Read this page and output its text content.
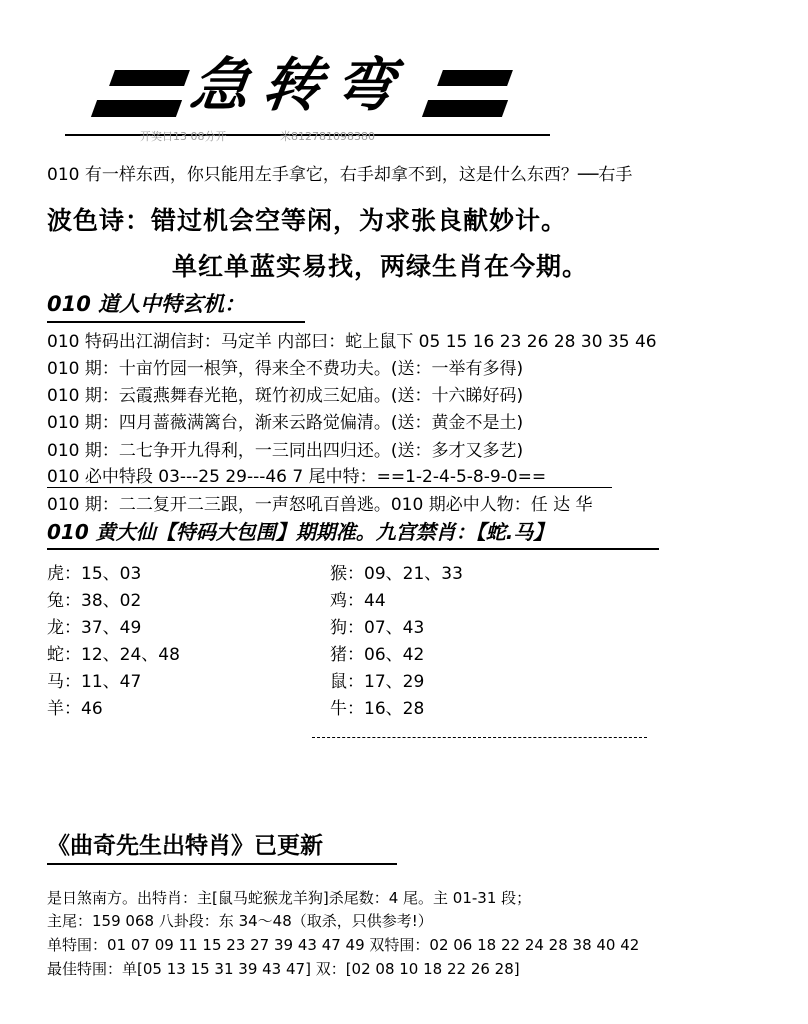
急转弯
开奖日13 08分开	米812781098380
010 有一样东西，你只能用左手拿它，右手却拿不到，这是什么东西？──右手
波色诗：错过机会空等闲，为求张良献妙计。
单红单蓝实易找，两绿生肖在今期。
010 道人中特玄机：
010 特码出江湖信封：马定羊 内部曰：蛇上鼠下 05 15 16 23 26 28 30 35 46
010 期：十亩竹园一根笋，得来全不费功夫。(送：一举有多得)
010 期：云霞燕舞春光艳，斑竹初成三妃庙。(送：十六睇好码)
010 期：四月蔷薇满篱台，渐来云路觉偏清。(送：黄金不是土)
010 期：二七争开九得利，一三同出四归还。(送：多才又多艺)
010 必中特段 03---25 29---46 7 尾中特：==1-2-4-5-8-9-0==
010 期：二二复开二三跟，一声怒吼百兽逃。010 期必中人物：任 达 华
010 黄大仙【特码大包围】期期准。九宫禁肖：【蛇.马】
虎：15、03
兔：38、02
龙：37、49
蛇：12、24、48
马：11、47
羊：46
猴：09、21、33
鸡：44
狗：07、43
猪：06、42
鼠：17、29
牛：16、28
《曲奇先生出特肖》已更新
是日煞南方。出特肖：主[鼠马蛇猴龙羊狗]杀尾数：4 尾。主 01-31 段；
主尾：159 068 八卦段：东 34～48（取杀，只供参考!）
单特围：01 07 09 11 15 23 27 39 43 47 49 双特围：02 06 18 22 24 28 38 40 42
最佳特围：单[05 13 15 31 39 43 47] 双：[02 08 10 18 22 26 28]
